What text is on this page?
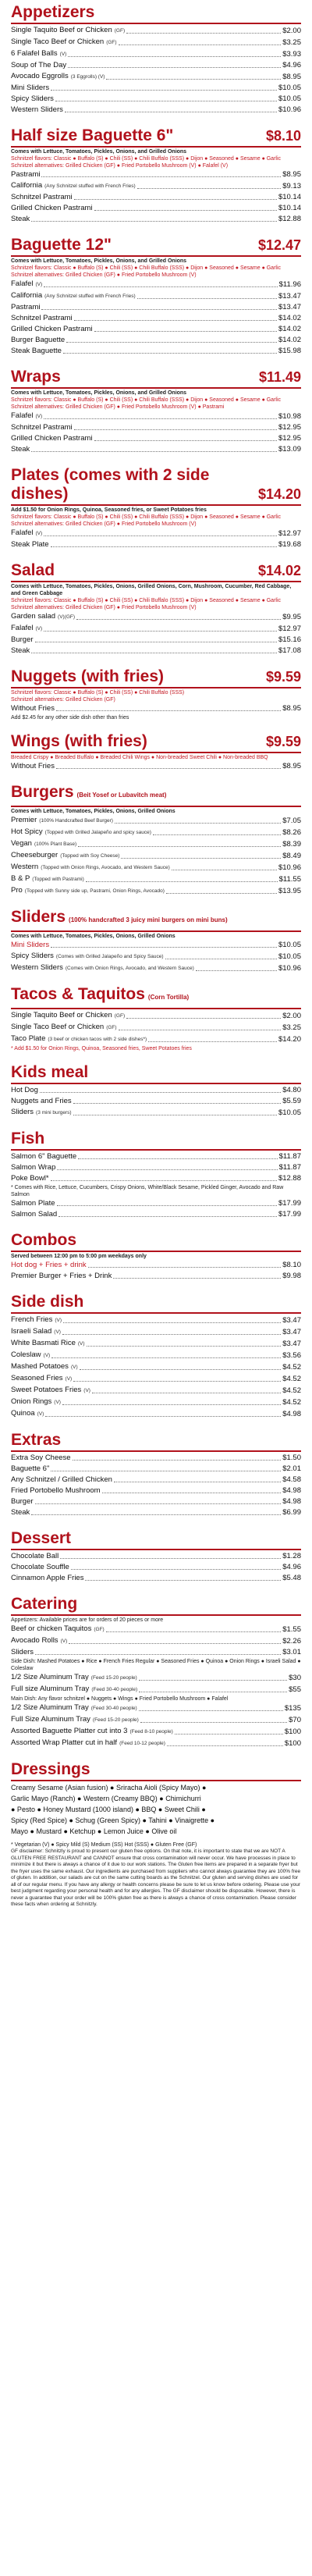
Appetizers
Single Taquito Beef or Chicken (GF)	$2.00
Single Taco Beef or Chicken (GF)	$3.25
6 Falafel Balls (V)	$3.93
Soup of The Day	$4.96
Avocado Eggrolls (3 Eggrolls) (V)	$8.95
Mini Sliders	$10.05
Spicy Sliders	$10.05
Western Sliders	$10.96
Half size Baguette 6"	$8.10
Comes with Lettuce, Tomatoes, Pickles, Onions, and Grilled Onions
Schnitzel flavors: Classic ● Buffalo (S) ● Chili (SS) ● Chili Buffalo (SSS) ● Dijon ● Seasoned ● Sesame ● Garlic
Schnitzel alternatives: Grilled Chicken (GF) ● Fried Portobello Mushroom (V) ● Falafel (V)
Pastrami	$8.95
California (Any Schnitzel stuffed with French Fries)	$9.13
Schnitzel Pastrami	$10.14
Grilled Chicken Pastrami	$10.14
Steak	$12.88
Baguette 12"	$12.47
Comes with Lettuce, Tomatoes, Pickles, Onions, and Grilled Onions
Schnitzel flavors: Classic ● Buffalo (S) ● Chili (SS) ● Chili Buffalo (SSS) ● Dijon ● Seasoned ● Sesame ● Garlic
Schnitzel alternatives: Grilled Chicken (GF) ● Fried Portobello Mushroom (V)
Falafel (V)	$11.96
California (Any Schnitzel stuffed with French Fries)	$13.47
Pastrami	$13.47
Schnitzel Pastrami	$14.02
Grilled Chicken Pastrami	$14.02
Burger Baguette	$14.02
Steak Baguette	$15.98
Wraps	$11.49
Comes with Lettuce, Tomatoes, Pickles, Onions, and Grilled Onions
Schnitzel flavors: Classic ● Buffalo (S) ● Chili (SS) ● Chili Buffalo (SSS) ● Dijon ● Seasoned ● Sesame ● Garlic
Schnitzel alternatives: Grilled Chicken (GF) ● Fried Portobello Mushroom (V) ● Pastrami
Falafel (V)	$10.98
Schnitzel Pastrami	$12.95
Grilled Chicken Pastrami	$12.95
Steak	$13.09
Plates (comes with 2 side dishes)	$14.20
Add $1.50 for Onion Rings, Quinoa, Seasoned fries, or Sweet Potatoes fries
Schnitzel flavors: Classic ● Buffalo (S) ● Chili (SS) ● Chili Buffalo (SSS) ● Dijon ● Seasoned ● Sesame ● Garlic
Schnitzel alternatives: Grilled Chicken (GF) ● Fried Portobello Mushroom (V)
Falafel (V)	$12.97
Steak Plate	$19.68
Salad	$14.02
Comes with Lettuce, Tomatoes, Pickles, Onions, Grilled Onions, Corn, Mushroom, Cucumber, Red Cabbage, and Green Cabbage
Schnitzel flavors: Classic ● Buffalo (S) ● Chili (SS) ● Chili Buffalo (SSS) ● Dijon ● Seasoned ● Sesame ● Garlic
Schnitzel alternatives: Grilled Chicken (GF) ● Fried Portobello Mushroom (V)
Garden salad (V)(GF)	$9.95
Falafel (V)	$12.97
Burger	$15.16
Steak	$17.08
Nuggets (with fries)	$9.59
Schnitzel flavors: Classic ● Buffalo (S) ● Chili (SS) ● Chili Buffalo (SSS)
Schnitzel alternatives: Grilled Chicken (GF)
Without Fries	$8.95
Add $2.45 for any other side dish other than fries
Wings (with fries)	$9.59
Breaded Crispy ● Breaded Buffalo ● Breaded Chili Wings ● Non-breaded Sweet Chili ● Non-breaded BBQ
Without Fries	$8.95
Burgers (Beit Yosef or Lubavitch meat)
Comes with Lettuce, Tomatoes, Pickles, Onions, Grilled Onions
Premier (100% Handcrafted Beef Burger)	$7.05
Hot Spicy (Topped with Grilled Jalapeño and spicy sauce)	$8.26
Vegan (100% Plant Base)	$8.39
Cheeseburger (Topped with Soy Cheese)	$8.49
Western (Topped with Onion Rings, Avocado, and Western Sauce)	$10.96
B & P (Topped with Pastrami)	$11.55
Pro (Topped with Sunny side up, Pastrami, Onion Rings, Avocado)	$13.95
Sliders (100% handcrafted 3 juicy mini burgers on mini buns)
Comes with Lettuce, Tomatoes, Pickles, Onions, Grilled Onions
Mini Sliders	$10.05
Spicy Sliders (Comes with Grilled Jalapeño and Spicy Sauce)	$10.05
Western Sliders (Comes with Onion Rings, Avocado, and Western Sauce)	$10.96
Tacos & Taquitos (Corn Tortilla)
Single Taquito Beef or Chicken (GF)	$2.00
Single Taco Beef or Chicken (GF)	$3.25
Taco Plate (3 beef or chicken tacos with 2 side dishes*)	$14.20
* Add $1.50 for Onion Rings, Quinoa, Seasoned fries, Sweet Potatoes fries
Kids meal
Hot Dog	$4.80
Nuggets and Fries	$5.59
Sliders (3 mini burgers)	$10.05
Fish
Salmon 6" Baguette	$11.87
Salmon Wrap	$11.87
Poke Bowl*	$12.88
* Comes with Rice, Lettuce, Cucumbers, Crispy Onions, White/Black Sesame, Pickled Ginger, Avocado and Raw Salmon
Salmon Plate	$17.99
Salmon Salad	$17.99
Combos
Served between 12:00 pm to 5:00 pm weekdays only
Hot dog + Fries + drink	$8.10
Premier Burger + Fries + Drink	$9.98
Side dish
French Fries (V)	$3.47
Israeli Salad (V)	$3.47
White Basmati Rice (V)	$3.47
Coleslaw (V)	$3.56
Mashed Potatoes (V)	$4.52
Seasoned Fries (V)	$4.52
Sweet Potatoes Fries (V)	$4.52
Onion Rings (V)	$4.52
Quinoa (V)	$4.98
Extras
Extra Soy Cheese	$1.50
Baguette 6"	$2.01
Any Schnitzel / Grilled Chicken	$4.58
Fried Portobello Mushroom	$4.98
Burger	$4.98
Steak	$6.99
Dessert
Chocolate Ball	$1.28
Chocolate Souffle	$4.96
Cinnamon Apple Fries	$5.48
Catering
Appetizers: Available prices are for orders of 20 pieces or more
Beef or chicken Taquitos (GF)	$1.55
Avocado Rolls (V)	$2.26
Sliders	$3.01
Side Dish: Mashed Potatoes ● Rice ● French Fries Regular ● Seasoned Fries ● Quinoa ● Onion Rings ● Israeli Salad ● Coleslaw
1/2 Size Aluminum Tray (Feed 15-20 people)	$30
Full size Aluminum Tray (Feed 30-40 people)	$55
Main Dish: Any flavor schnitzel ● Nuggets ● Wings ● Fried Portobello Mushroom ● Falafel
1/2 Size Aluminum Tray (Feed 30-40 people)	$135
Full Size Aluminum Tray (Feed 15-20 people)	$70
Assorted Baguette Platter cut into 3 (Feed 8-10 people)	$100
Assorted Wrap Platter cut in half (Feed 10-12 people)	$100
Dressings
Creamy Sesame (Asian fusion) ● Sriracha Aioli (Spicy Mayo) ●
Garlic Mayo (Ranch) ● Western (Creamy BBQ) ● Chimichurri
● Pesto ● Honey Mustard (1000 island) ● BBQ ● Sweet Chili ●
Spicy (Red Spice) ● Schug (Green Spicy) ● Tahini ● Vinaigrette ●
Mayo ● Mustard ● Ketchup ● Lemon Juice ● Olive oil
* Vegetarian (V) ● Spicy Mild (S) Medium (SS) Hot (SSS) ● Gluten Free (GF)
GF disclaimer: Schnitzly is proud to present our gluten free options. On that note, it is important to state that we are NOT A GLUTEN FREE RESTAURANT and CANNOT ensure that cross contamination will never occur. We have processes in place to minimize it but there is always a chance of it due to our work stations. The Gluten free items are prepared in a separate fryer but the fryer uses the same exhaust. Our ingredients are purchased from suppliers who cannot always guarantee they are 100% free of gluten. In addition, our salads are cut on the same cutting boards as the Schnitzel. Our gluten and serving dishes are used for all of our regular menu. If you have any allergy or health concerns please be sure to let us know before ordering. Please use your best judgment regarding your personal health and for any allergies. The GF disclaimer should be disposable. However, there is never a guarantee that your order will be 100% gluten free as there is always a chance of cross contamination. Please consider these facts when ordering at Schnitzly.
